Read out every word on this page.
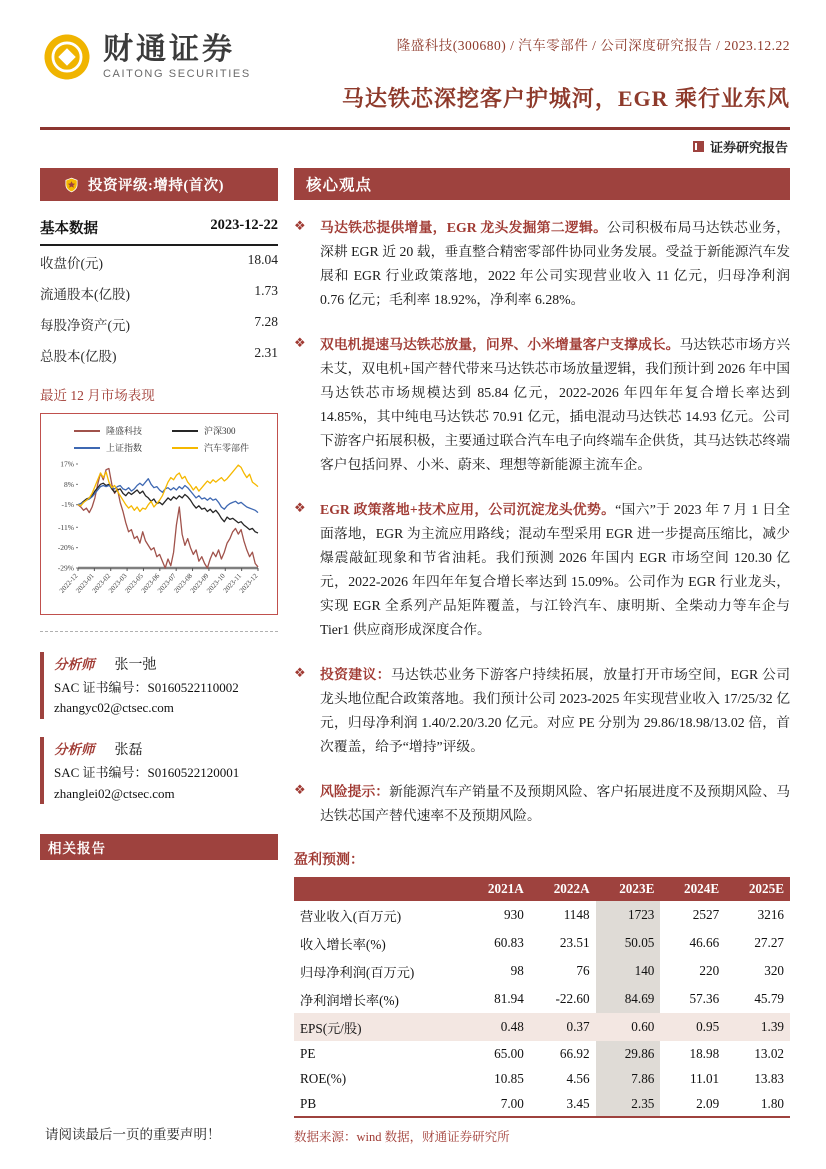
财通证券
CAITONG SECURITIES
隆盛科技(300680) / 汽车零部件 / 公司深度研究报告 / 2023.12.22
马达铁芯深挖客户护城河，EGR 乘行业东风
证券研究报告
投资评级:增持(首次)
基本数据	2023-12-22
收盘价(元)	18.04
流通股本(亿股)	1.73
每股净资产(元)	7.28
总股本(亿股)	2.31
最近 12 月市场表现
隆盛科技	沪深300
上证指数	汽车零部件
17%
8%
-1%
-11%
-20%
-29%
2022-12
2023-01
2023-02
2023-03
2023-05
2023-06
2023-07
2023-08
2023-09
2023-10
2023-11
2023-12
分析师 张一弛
SAC 证书编号：S0160522110002
zhangyc02@ctsec.com
分析师 张磊
SAC 证书编号：S0160522120001
zhanglei02@ctsec.com
相关报告
核心观点
❖ 马达铁芯提供增量，EGR 龙头发掘第二逻辑。公司积极布局马达铁芯业务，深耕 EGR 近 20 载，垂直整合精密零部件协同业务发展。受益于新能源汽车发展和 EGR 行业政策落地，2022 年公司实现营业收入 11 亿元，归母净利润 0.76 亿元；毛利率 18.92%，净利率 6.28%。
❖ 双电机提速马达铁芯放量，问界、小米增量客户支撑成长。马达铁芯市场方兴未艾，双电机+国产替代带来马达铁芯市场放量逻辑，我们预计到 2026 年中国马达铁芯市场规模达到 85.84 亿元，2022-2026 年四年年复合增长率达到 14.85%，其中纯电马达铁芯 70.91 亿元，插电混动马达铁芯 14.93 亿元。公司下游客户拓展积极，主要通过联合汽车电子向终端车企供货，其马达铁芯终端客户包括问界、小米、蔚来、理想等新能源主流车企。
❖ EGR 政策落地+技术应用，公司沉淀龙头优势。“国六”于 2023 年 7 月 1 日全面落地，EGR 为主流应用路线；混动车型采用 EGR 进一步提高压缩比，减少爆震敲缸现象和节省油耗。我们预测 2026 年国内 EGR 市场空间 120.30 亿元，2022-2026 年四年年复合增长率达到 15.09%。公司作为 EGR 行业龙头，实现 EGR 全系列产品矩阵覆盖，与江铃汽车、康明斯、全柴动力等车企与 Tier1 供应商形成深度合作。
❖ 投资建议：马达铁芯业务下游客户持续拓展，放量打开市场空间，EGR 公司龙头地位配合政策落地。我们预计公司 2023-2025 年实现营业收入 17/25/32 亿元，归母净利润 1.40/2.20/3.20 亿元。对应 PE 分别为 29.86/18.98/13.02 倍，首次覆盖，给予“增持”评级。
❖ 风险提示：新能源汽车产销量不及预期风险、客户拓展进度不及预期风险、马达铁芯国产替代速率不及预期风险。
盈利预测：
	2021A	2022A	2023E	2024E	2025E
营业收入(百万元)	930	1148	1723	2527	3216
收入增长率(%)	60.83	23.51	50.05	46.66	27.27
归母净利润(百万元)	98	76	140	220	320
净利润增长率(%)	81.94	-22.60	84.69	57.36	45.79
EPS(元/股)	0.48	0.37	0.60	0.95	1.39
PE	65.00	66.92	29.86	18.98	13.02
ROE(%)	10.85	4.56	7.86	11.01	13.83
PB	7.00	3.45	2.35	2.09	1.80
数据来源：wind 数据，财通证券研究所
请阅读最后一页的重要声明！
